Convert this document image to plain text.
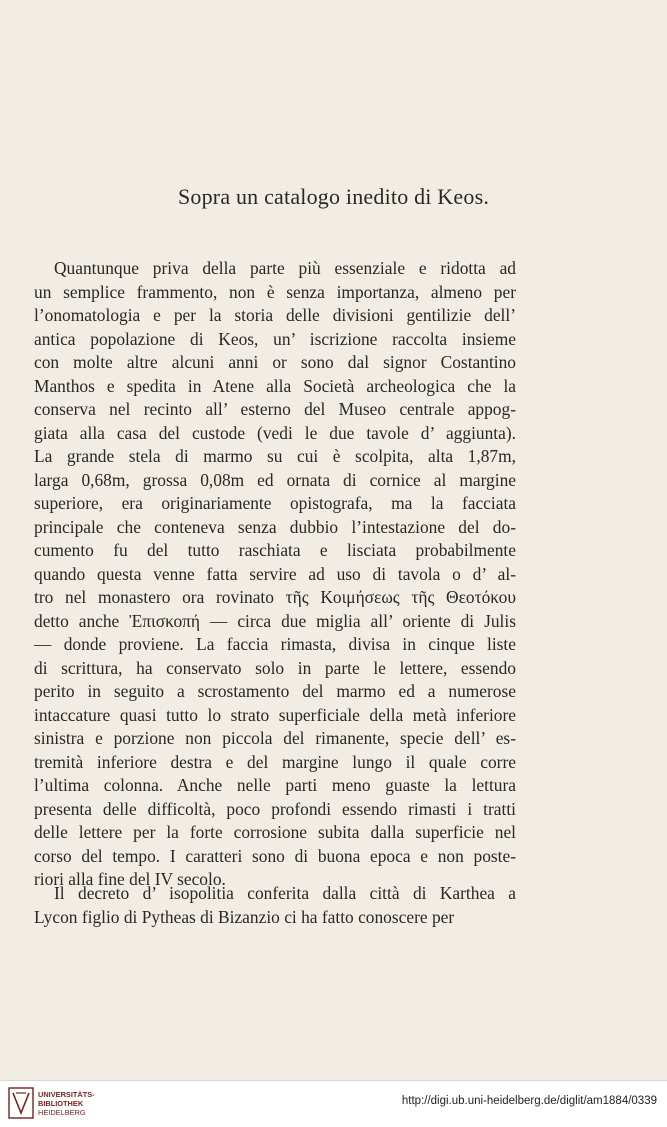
Sopra un catalogo inedito di Keos.
Quantunque priva della parte più essenziale e ridotta ad
un semplice frammento, non è senza importanza, almeno per
l’onomatologia e per la storia delle divisioni gentilizie dell’
antica popolazione di Keos, un’ iscrizione raccolta insieme
con molte altre alcuni anni or sono dal signor Costantino
Manthos e spedita in Atene alla Società archeologica che la
conserva nel recinto all’ esterno del Museo centrale appog-
giata alla casa del custode (vedi le due tavole d’ aggiunta).
La grande stela di marmo su cui è scolpita, alta 1,87m,
larga 0,68m, grossa 0,08m ed ornata di cornice al margine
superiore, era originariamente opistografa, ma la facciata
principale che conteneva senza dubbio l’intestazione del do-
cumento fu del tutto raschiata e lisciata probabilmente
quando questa venne fatta servire ad uso di tavola o d’ al-
tro nel monastero ora rovinato τῆς Κοιμήσεως τῆς Θεοτόκου
detto anche Ἐπισκοπή — circa due miglia all’ oriente di Julis
— donde proviene. La faccia rimasta, divisa in cinque liste
di scrittura, ha conservato solo in parte le lettere, essendo
perito in seguito a scrostamento del marmo ed a numerose
intaccature quasi tutto lo strato superficiale della metà inferiore
sinistra e porzione non piccola del rimanente, specie dell’ es-
tremità inferiore destra e del margine lungo il quale corre
l’ultima colonna. Anche nelle parti meno guaste la lettura
presenta delle difficoltà, poco profondi essendo rimasti i tratti
delle lettere per la forte corrosione subita dalla superficie nel
corso del tempo. I caratteri sono di buona epoca e non poste-
riori alla fine del IV secolo.
Il decreto d’ isopolitia conferita dalla città di Karthea a
Lycon figlio di Pytheas di Bizanzio ci ha fatto conoscere per
UNIVERSITÄTS-
BIBLIOTHEK
HEIDELBERG
http://digi.ub.uni-heidelberg.de/diglit/am1884/0339
